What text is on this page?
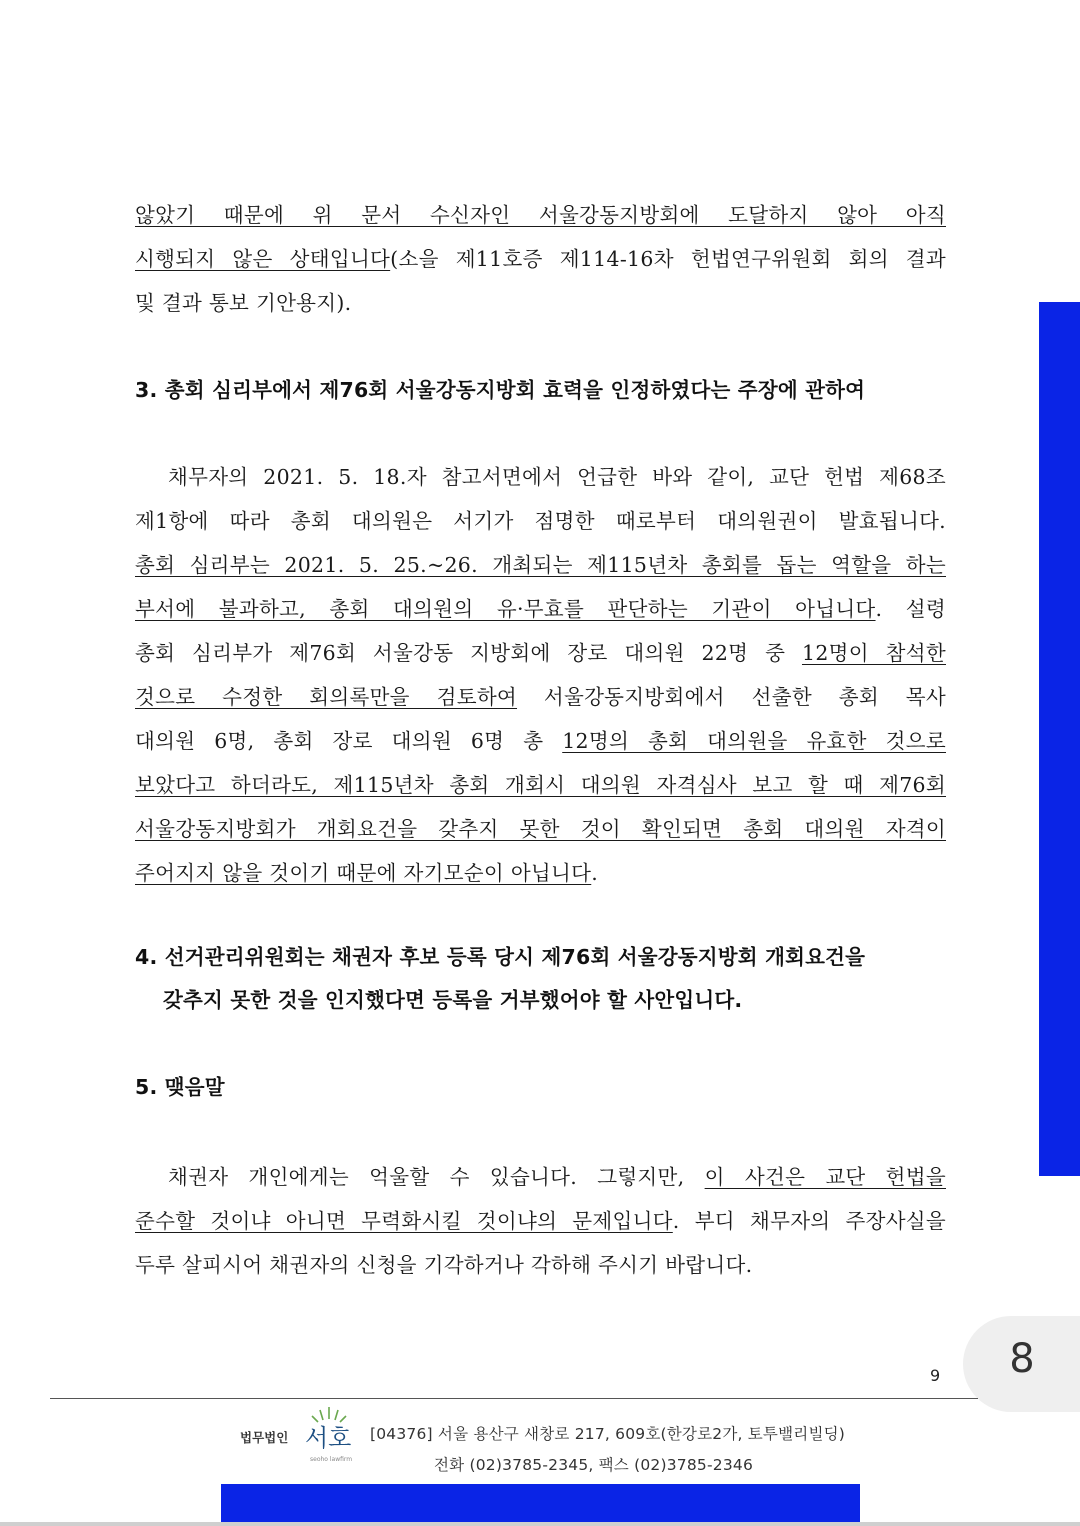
않았기 때문에 위 문서 수신자인 서울강동지방회에 도달하지 않아 아직
시행되지 않은 상태입니다(소을 제11호증 제114-16차 헌법연구위원회 회의 결과
및 결과 통보 기안용지).
3. 총회 심리부에서 제76회 서울강동지방회 효력을 인정하였다는 주장에 관하여
채무자의 2021. 5. 18.자 참고서면에서 언급한 바와 같이, 교단 헌법 제68조
제1항에 따라 총회 대의원은 서기가 점명한 때로부터 대의원권이 발효됩니다.
총회 심리부는 2021. 5. 25.~26. 개최되는 제115년차 총회를 돕는 역할을 하는
부서에 불과하고, 총회 대의원의 유·무효를 판단하는 기관이 아닙니다. 설령
총회 심리부가 제76회 서울강동 지방회에 장로 대의원 22명 중 12명이 참석한
것으로 수정한 회의록만을 검토하여 서울강동지방회에서 선출한 총회 목사
대의원 6명, 총회 장로 대의원 6명 총 12명의 총회 대의원을 유효한 것으로
보았다고 하더라도, 제115년차 총회 개회시 대의원 자격심사 보고 할 때 제76회
서울강동지방회가 개회요건을 갖추지 못한 것이 확인되면 총회 대의원 자격이
주어지지 않을 것이기 때문에 자기모순이 아닙니다.
4. 선거관리위원회는 채권자 후보 등록 당시 제76회 서울강동지방회 개회요건을
갖추지 못한 것을 인지했다면 등록을 거부했어야 할 사안입니다.
5. 맺음말
채권자 개인에게는 억울할 수 있습니다. 그렇지만, 이 사건은 교단 헌법을
준수할 것이냐 아니면 무력화시킬 것이냐의 문제입니다. 부디 채무자의 주장사실을
두루 살피시어 채권자의 신청을 기각하거나 각하해 주시기 바랍니다.
8
9
법무법인 서호
seoho lawfirm
[04376] 서울 용산구 새창로 217, 609호(한강로2가, 토투밸리빌딩)
전화 (02)3785-2345, 팩스 (02)3785-2346
